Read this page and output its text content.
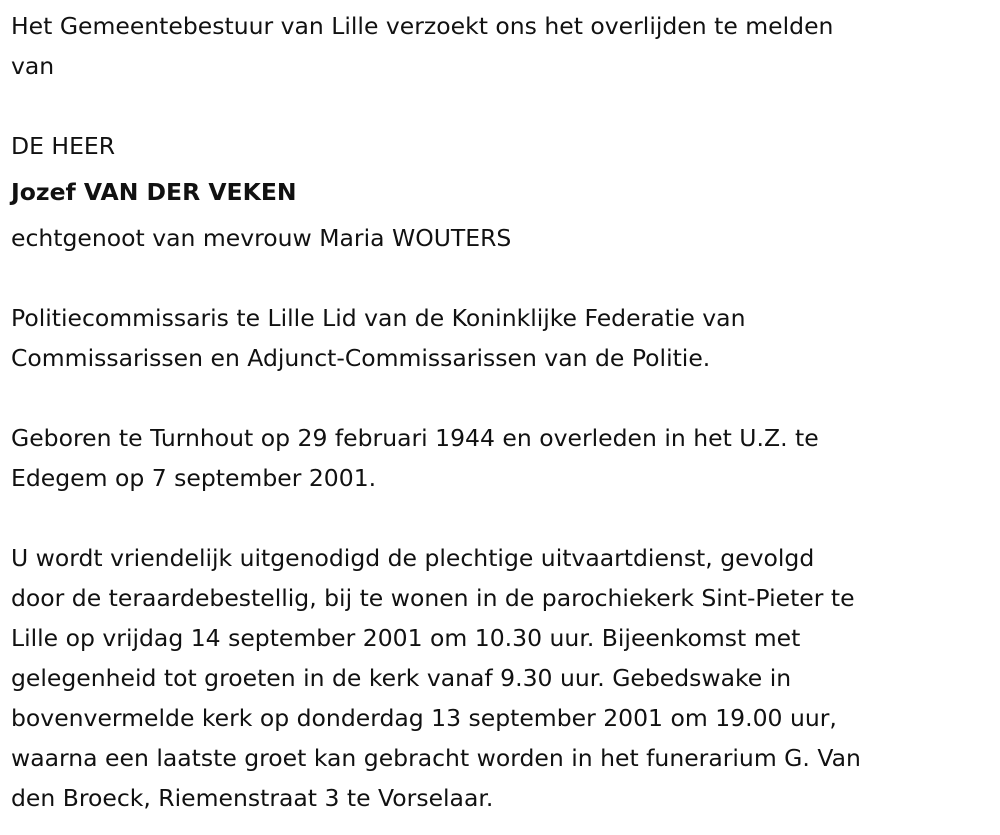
Het Gemeentebestuur van Lille verzoekt ons het overlijden te melden
van
DE HEER
Jozef VAN DER VEKEN
echtgenoot van mevrouw Maria WOUTERS
Politiecommissaris te Lille Lid van de Koninklijke Federatie van
Commissarissen en Adjunct-Commissarissen van de Politie.
Geboren te Turnhout op 29 februari 1944 en overleden in het U.Z. te
Edegem op 7 september 2001.
U wordt vriendelijk uitgenodigd de plechtige uitvaartdienst, gevolgd
door de teraardebestellig, bij te wonen in de parochiekerk Sint-Pieter te
Lille op vrijdag 14 september 2001 om 10.30 uur. Bijeenkomst met
gelegenheid tot groeten in de kerk vanaf 9.30 uur. Gebedswake in
bovenvermelde kerk op donderdag 13 september 2001 om 19.00 uur,
waarna een laatste groet kan gebracht worden in het funerarium G. Van
den Broeck, Riemenstraat 3 te Vorselaar.
